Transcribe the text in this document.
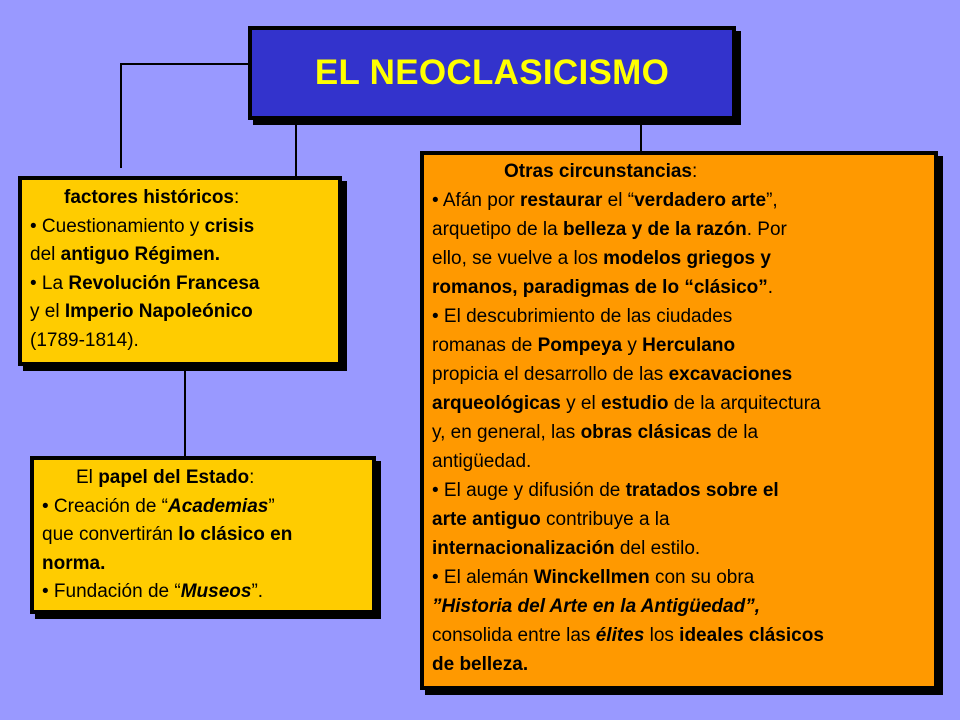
EL NEOCLASICISMO

factores históricos:

• Cuestionamiento y crisis
del antiguo Régimen.

• La Revolución Francesa
y el Imperio Napoleónico
(1789-1814).

El papel del Estado:

• Creación de “Academias”
que convertirán lo clásico en
norma.

• Fundación de “Museos”.

Otras circunstancias:

• Afán por restaurar el “verdadero arte”,
arquetipo de la belleza y de la razón. Por
ello, se vuelve a los modelos griegos y
romanos, paradigmas de lo “clásico”.

• El descubrimiento de las ciudades
romanas de Pompeya y Herculano
propicia el desarrollo de las excavaciones
arqueológicas y el estudio de la arquitectura
y, en general, las obras clásicas de la
antigüedad.

• El auge y difusión de tratados sobre el
arte antiguo contribuye a la
internacionalización del estilo.

• El alemán Winckellmen con su obra
”Historia del Arte en la Antigüedad”,
consolida entre las élites los ideales clásicos
de belleza.
